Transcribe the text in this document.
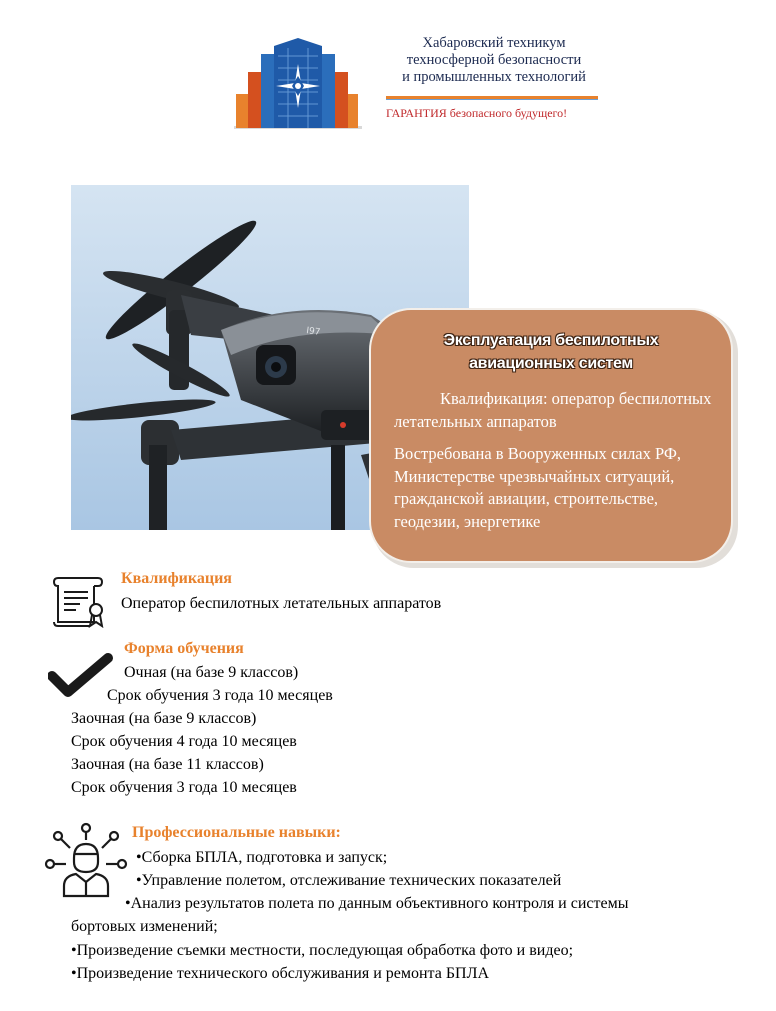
Хабаровский техникум
техносферной безопасности
и промышленных технологий
ГАРАНТИЯ безопасного будущего!
I97	Эксплуатация беспилотных
авиационных систем
Квалификация: оператор беспилотных летательных аппаратов
Востребована в Вооруженных силах РФ, Министерстве чрезвычайных ситуаций, гражданской авиации, строительстве, геодезии, энергетике
Квалификация
Оператор беспилотных летательных аппаратов
Форма обучения
Очная (на базе 9 классов)
Срок обучения 3 года 10 месяцев
Заочная (на базе 9 классов)
Срок обучения 4 года 10 месяцев
Заочная (на базе 11 классов)
Срок обучения 3 года 10 месяцев
Профессиональные навыки:
•Сборка БПЛА, подготовка и запуск;
•Управление полетом, отслеживание технических показателей
•Анализ результатов полета по данным объективного контроля и системы
бортовых изменений;
•Произведение съемки местности, последующая обработка фото и видео;
•Произведение технического обслуживания и ремонта БПЛА
